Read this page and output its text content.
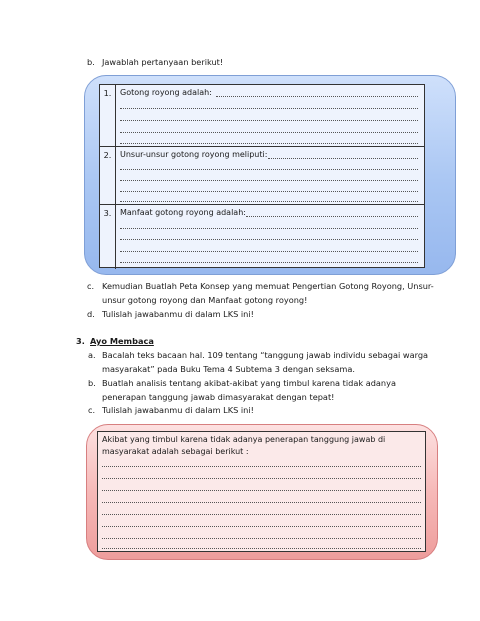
b. Jawablah pertanyaan berikut!
1.	Gotong royong adalah:
2.	Unsur-unsur gotong royong meliputi:
3.	Manfaat gotong royong adalah:
c. Kemudian Buatlah Peta Konsep yang memuat Pengertian Gotong Royong, Unsur-
unsur gotong royong dan Manfaat gotong royong!
d. Tulislah jawabanmu di dalam LKS ini!
3. Ayo Membaca
a. Bacalah teks bacaan hal. 109 tentang “tanggung jawab individu sebagai warga
masyarakat” pada Buku Tema 4 Subtema 3 dengan seksama.
b. Buatlah analisis tentang akibat-akibat yang timbul karena tidak adanya
penerapan tanggung jawab dimasyarakat dengan tepat!
c. Tulislah jawabanmu di dalam LKS ini!
Akibat yang timbul karena tidak adanya penerapan tanggung jawab di
masyarakat adalah sebagai berikut :
